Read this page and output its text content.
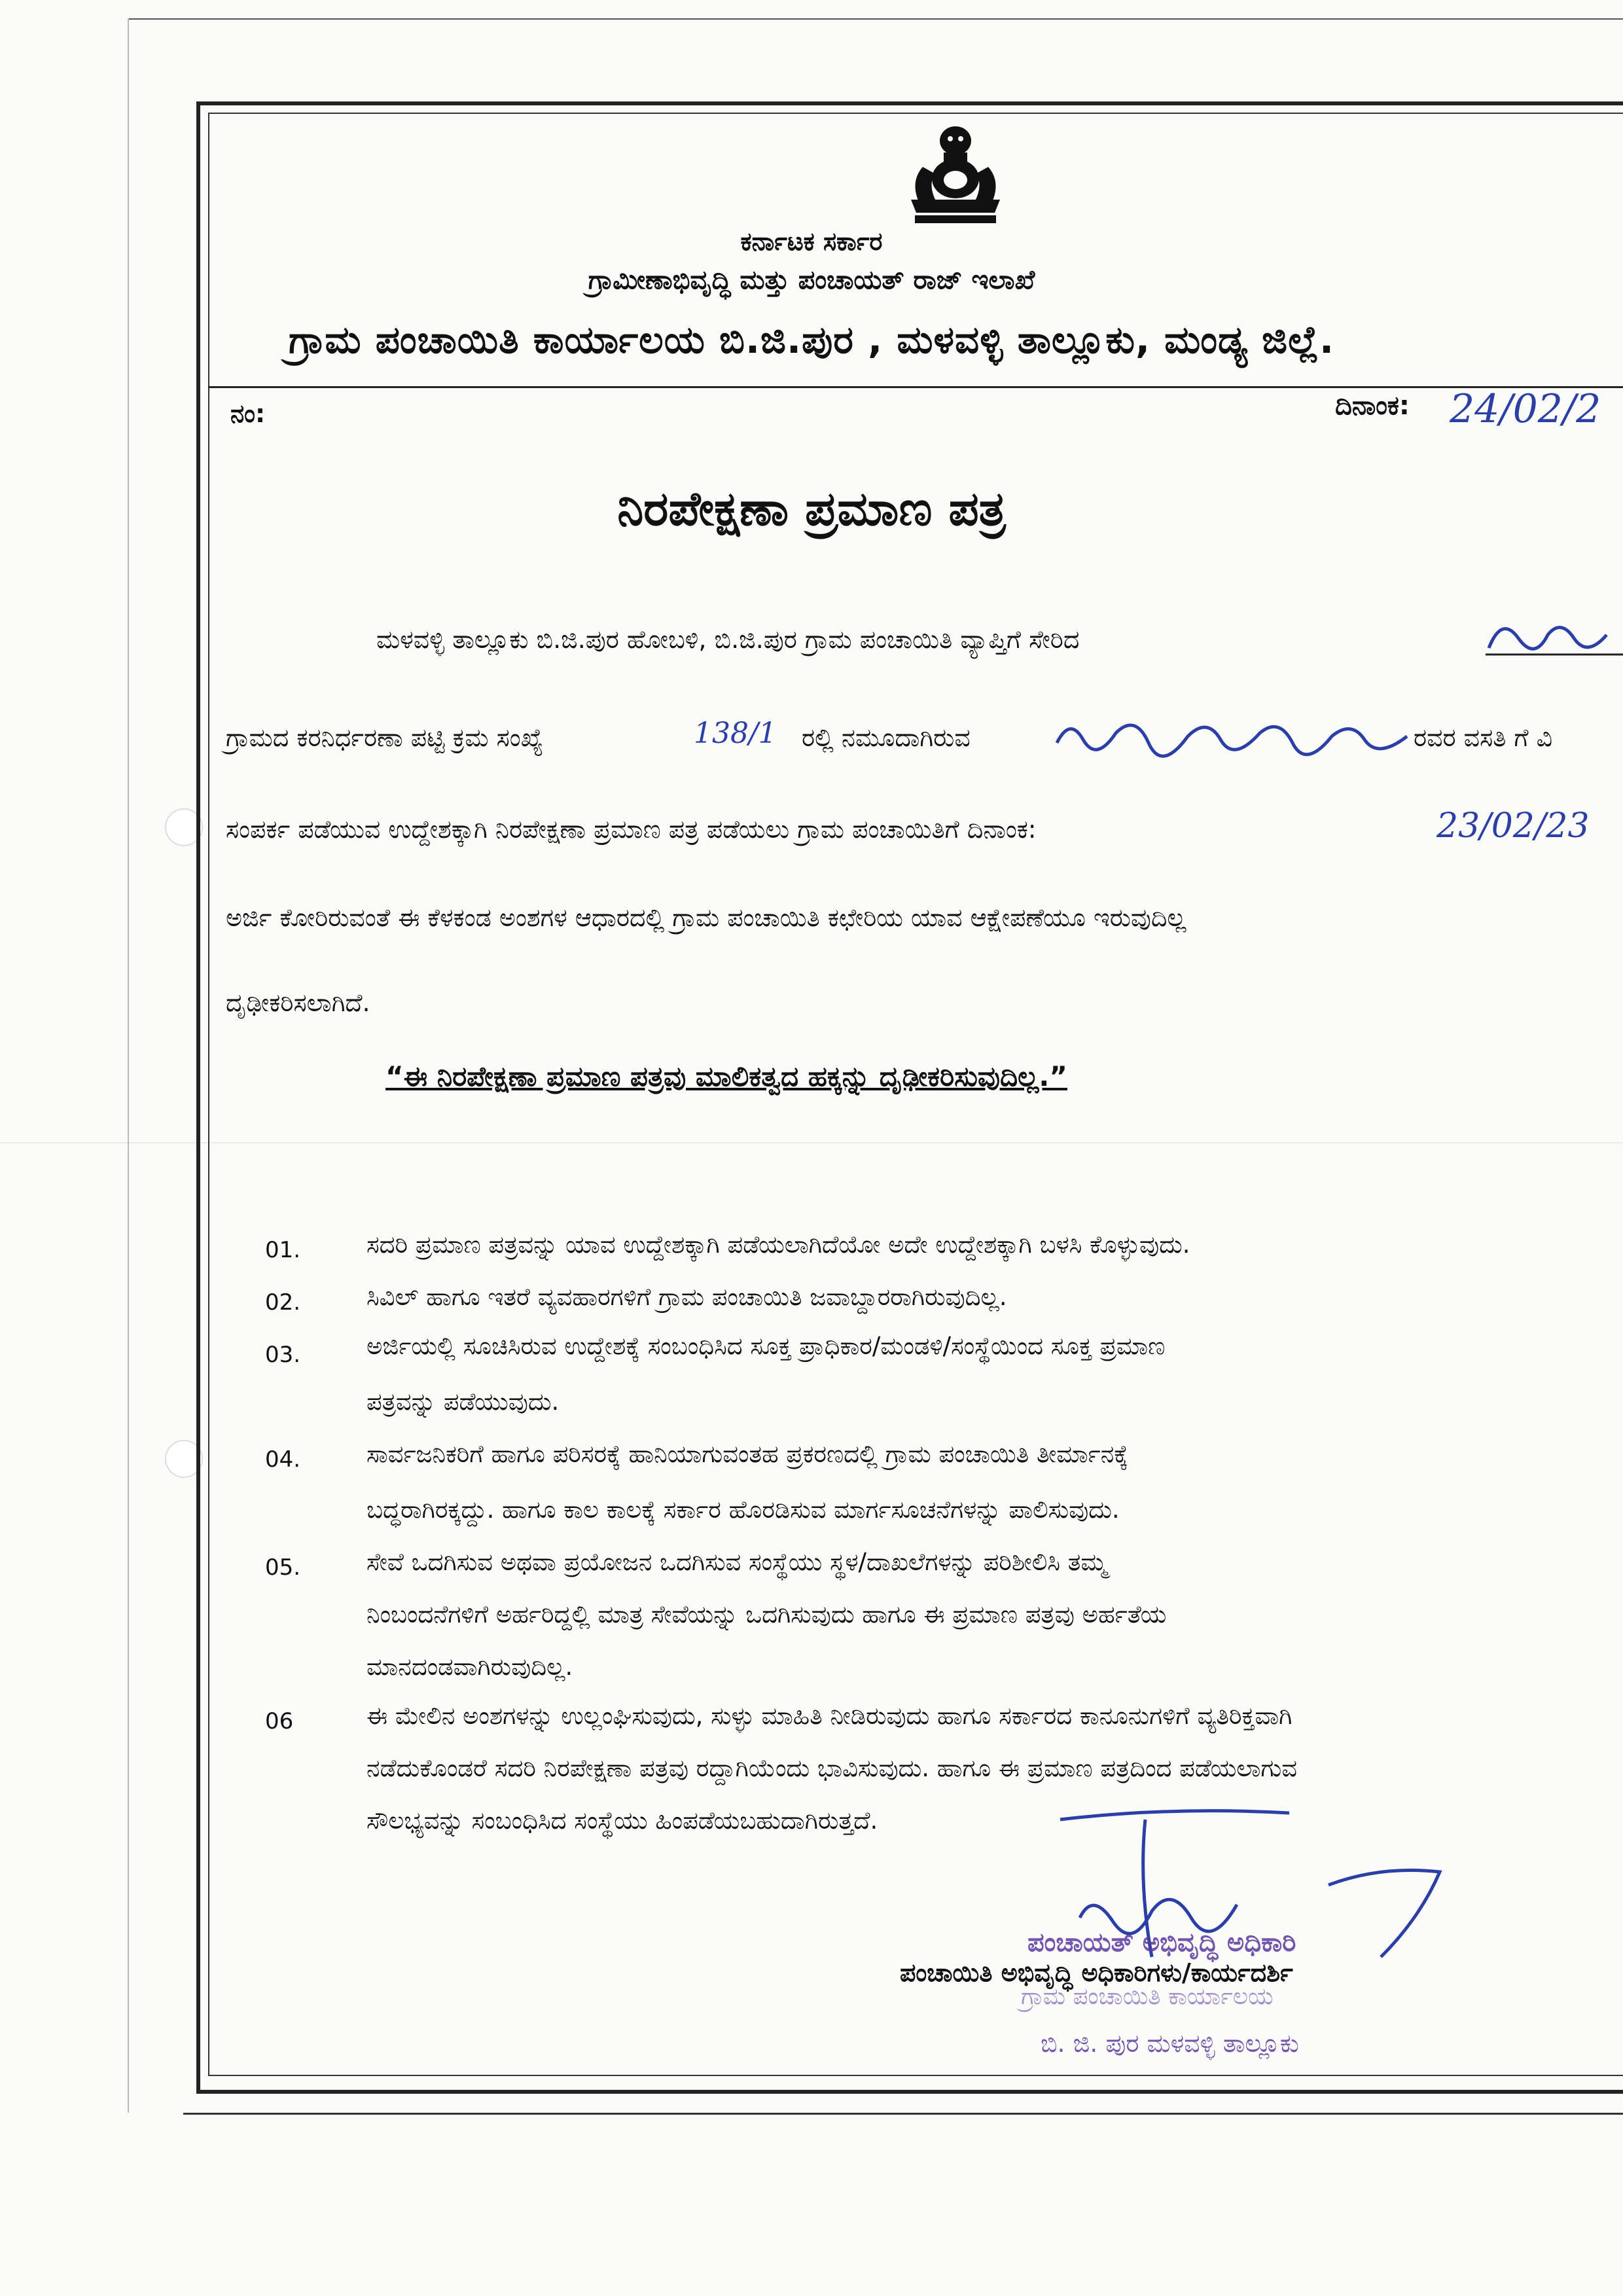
ಕರ್ನಾಟಕ ಸರ್ಕಾರ
ಗ್ರಾಮೀಣಾಭಿವೃದ್ಧಿ ಮತ್ತು ಪಂಚಾಯತ್ ರಾಜ್ ಇಲಾಖೆ
ಗ್ರಾಮ ಪಂಚಾಯಿತಿ ಕಾರ್ಯಾಲಯ ಬಿ.ಜಿ.ಪುರ , ಮಳವಳ್ಳಿ ತಾಲ್ಲೂಕು, ಮಂಡ್ಯ ಜಿಲ್ಲೆ.
ನಂ:	ದಿನಾಂಕ: 24/02/2
ನಿರಪೇಕ್ಷಣಾ ಪ್ರಮಾಣ ಪತ್ರ
ಮಳವಳ್ಳಿ ತಾಲ್ಲೂಕು ಬಿ.ಜಿ.ಪುರ ಹೋಬಳಿ, ಬಿ.ಜಿ.ಪುರ ಗ್ರಾಮ ಪಂಚಾಯಿತಿ ವ್ಯಾಪ್ತಿಗೆ ಸೇರಿದ
ಗ್ರಾಮದ ಕರನಿರ್ಧರಣಾ ಪಟ್ಟಿ ಕ್ರಮ ಸಂಖ್ಯೆ	138/1 ರಲ್ಲಿ ನಮೂದಾಗಿರುವ	ರವರ ವಸತಿ ಗೆ ವಿ
ಸಂಪರ್ಕ ಪಡೆಯುವ ಉದ್ದೇಶಕ್ಕಾಗಿ ನಿರಪೇಕ್ಷಣಾ ಪ್ರಮಾಣ ಪತ್ರ ಪಡೆಯಲು ಗ್ರಾಮ ಪಂಚಾಯಿತಿಗೆ ದಿನಾಂಕ:	23/02/23
ಅರ್ಜಿ ಕೋರಿರುವಂತೆ ಈ ಕೆಳಕಂಡ ಅಂಶಗಳ ಆಧಾರದಲ್ಲಿ ಗ್ರಾಮ ಪಂಚಾಯಿತಿ ಕಛೇರಿಯ ಯಾವ ಆಕ್ಷೇಪಣೆಯೂ ಇರುವುದಿಲ್ಲ
ದೃಢೀಕರಿಸಲಾಗಿದೆ.
“ಈ ನಿರಪೇಕ್ಷಣಾ ಪ್ರಮಾಣ ಪತ್ರವು ಮಾಲಿಕತ್ವದ ಹಕ್ಕನ್ನು ದೃಢೀಕರಿಸುವುದಿಲ್ಲ.”
01.	ಸದರಿ ಪ್ರಮಾಣ ಪತ್ರವನ್ನು ಯಾವ ಉದ್ದೇಶಕ್ಕಾಗಿ ಪಡೆಯಲಾಗಿದೆಯೋ ಅದೇ ಉದ್ದೇಶಕ್ಕಾಗಿ ಬಳಸಿ ಕೊಳ್ಳುವುದು.
02.	ಸಿವಿಲ್ ಹಾಗೂ ಇತರೆ ವ್ಯವಹಾರಗಳಿಗೆ ಗ್ರಾಮ ಪಂಚಾಯಿತಿ ಜವಾಬ್ದಾರರಾಗಿರುವುದಿಲ್ಲ.
03.	ಅರ್ಜಿಯಲ್ಲಿ ಸೂಚಿಸಿರುವ ಉದ್ದೇಶಕ್ಕೆ ಸಂಬಂಧಿಸಿದ ಸೂಕ್ತ ಪ್ರಾಧಿಕಾರ/ಮಂಡಳಿ/ಸಂಸ್ಥೆಯಿಂದ ಸೂಕ್ತ ಪ್ರಮಾಣ
ಪತ್ರವನ್ನು ಪಡೆಯುವುದು.
04.	ಸಾರ್ವಜನಿಕರಿಗೆ ಹಾಗೂ ಪರಿಸರಕ್ಕೆ ಹಾನಿಯಾಗುವಂತಹ ಪ್ರಕರಣದಲ್ಲಿ ಗ್ರಾಮ ಪಂಚಾಯಿತಿ ತೀರ್ಮಾನಕ್ಕೆ
ಬದ್ಧರಾಗಿರಕ್ಕದ್ದು. ಹಾಗೂ ಕಾಲ ಕಾಲಕ್ಕೆ ಸರ್ಕಾರ ಹೊರಡಿಸುವ ಮಾರ್ಗಸೂಚನೆಗಳನ್ನು ಪಾಲಿಸುವುದು.
05.	ಸೇವೆ ಒದಗಿಸುವ ಅಥವಾ ಪ್ರಯೋಜನ ಒದಗಿಸುವ ಸಂಸ್ಥೆಯು ಸ್ಥಳ/ದಾಖಲೆಗಳನ್ನು ಪರಿಶೀಲಿಸಿ ತಮ್ಮ
ನಿಂಬಂದನೆಗಳಿಗೆ ಅರ್ಹರಿದ್ದಲ್ಲಿ ಮಾತ್ರ ಸೇವೆಯನ್ನು ಒದಗಿಸುವುದು ಹಾಗೂ ಈ ಪ್ರಮಾಣ ಪತ್ರವು ಅರ್ಹತೆಯ
ಮಾನದಂಡವಾಗಿರುವುದಿಲ್ಲ.
06	ಈ ಮೇಲಿನ ಅಂಶಗಳನ್ನು ಉಲ್ಲಂಘಿಸುವುದು, ಸುಳ್ಳು ಮಾಹಿತಿ ನೀಡಿರುವುದು ಹಾಗೂ ಸರ್ಕಾರದ ಕಾನೂನುಗಳಿಗೆ ವ್ಯತಿರಿಕ್ತವಾಗಿ
ನಡೆದುಕೊಂಡರೆ ಸದರಿ ನಿರಪೇಕ್ಷಣಾ ಪತ್ರವು ರದ್ದಾಗಿಯೆಂದು ಭಾವಿಸುವುದು. ಹಾಗೂ ಈ ಪ್ರಮಾಣ ಪತ್ರದಿಂದ ಪಡೆಯಲಾಗುವ
ಸೌಲಭ್ಯವನ್ನು ಸಂಬಂಧಿಸಿದ ಸಂಸ್ಥೆಯು ಹಿಂಪಡೆಯಬಹುದಾಗಿರುತ್ತದೆ.
ಪಂಚಾಯತ್ ಅಭಿವೃದ್ಧಿ ಅಧಿಕಾರಿ
ಪಂಚಾಯಿತಿ ಅಭಿವೃದ್ಧಿ ಅಧಿಕಾರಿಗಳು/ಕಾರ್ಯದರ್ಶಿ
ಗ್ರಾಮ ಪಂಚಾಯಿತಿ ಕಾರ್ಯಾಲಯ
ಬಿ. ಜಿ. ಪುರ ಮಳವಳ್ಳಿ ತಾಲ್ಲೂಕು
